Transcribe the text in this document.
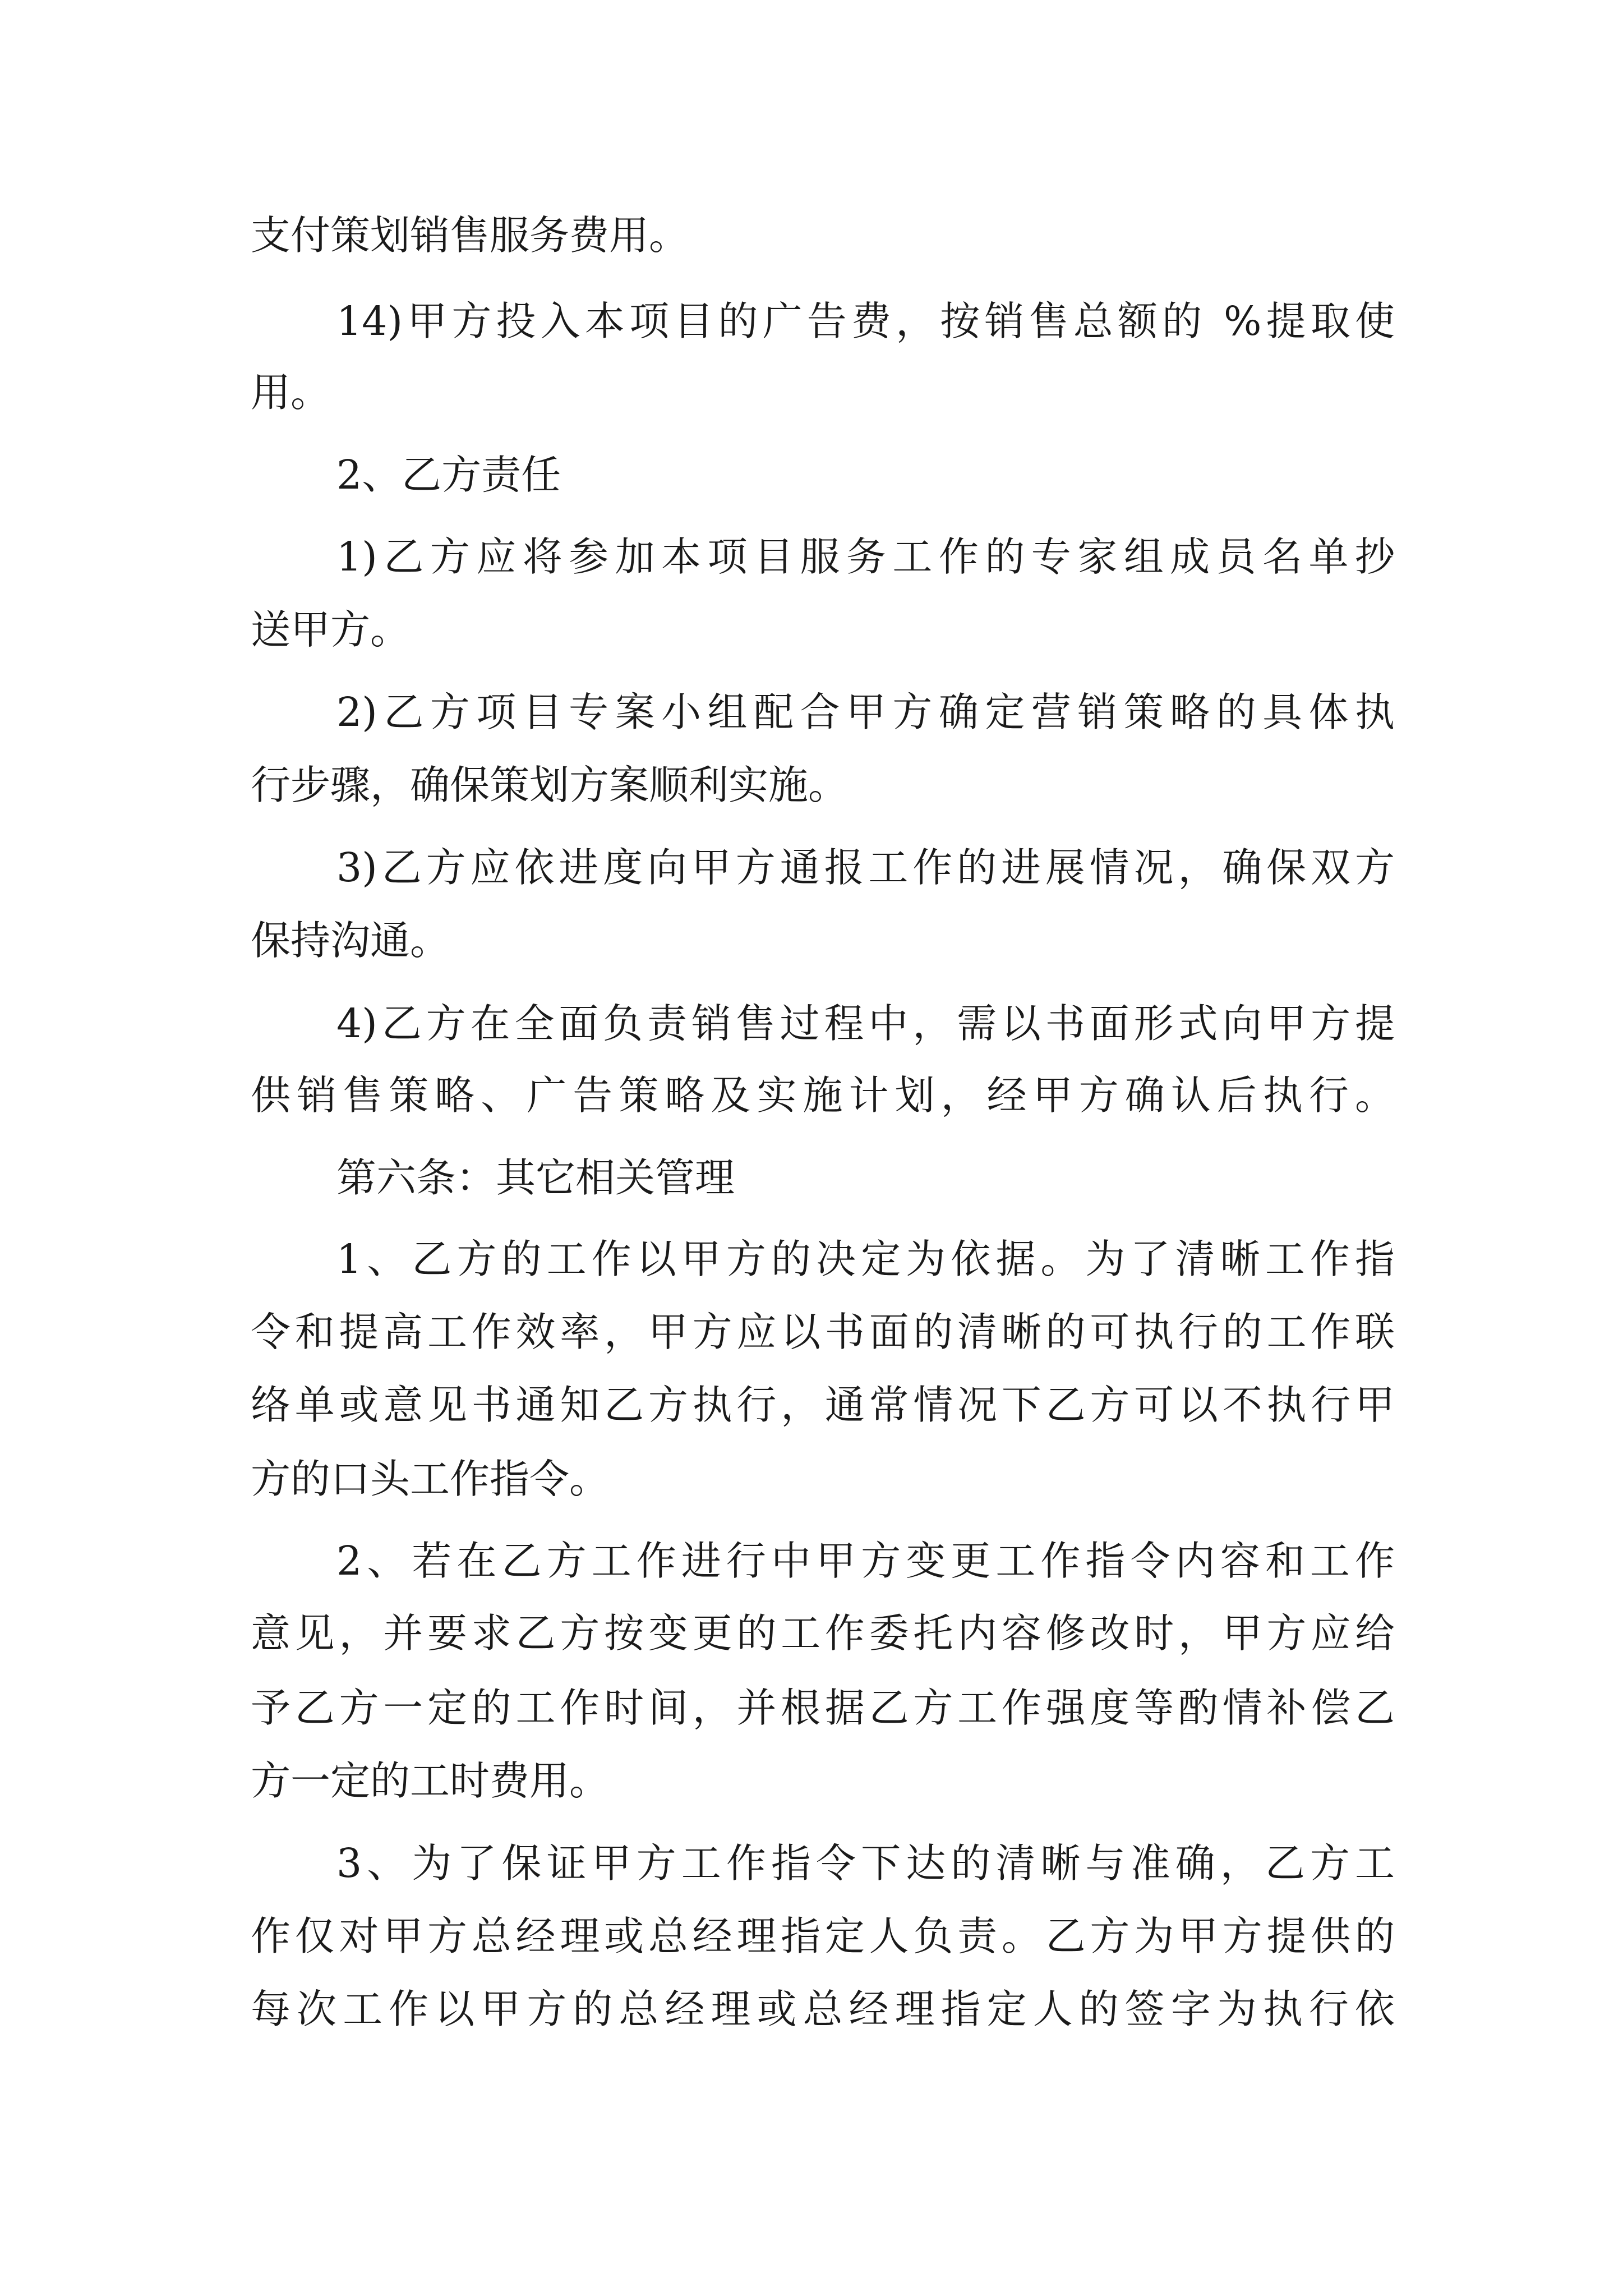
支付策划销售服务费用。
14)甲方投入本项目的广告费，按销售总额的 %提取使
用。
2、乙方责任
1)乙方应将参加本项目服务工作的专家组成员名单抄
送甲方。
2)乙方项目专案小组配合甲方确定营销策略的具体执
行步骤，确保策划方案顺利实施。
3)乙方应依进度向甲方通报工作的进展情况，确保双方
保持沟通。
4)乙方在全面负责销售过程中，需以书面形式向甲方提
供销售策略、广告策略及实施计划，经甲方确认后执行。
第六条：其它相关管理
1、乙方的工作以甲方的决定为依据。为了清晰工作指
令和提高工作效率，甲方应以书面的清晰的可执行的工作联
络单或意见书通知乙方执行，通常情况下乙方可以不执行甲
方的口头工作指令。
2、若在乙方工作进行中甲方变更工作指令内容和工作
意见，并要求乙方按变更的工作委托内容修改时，甲方应给
予乙方一定的工作时间，并根据乙方工作强度等酌情补偿乙
方一定的工时费用。
3、为了保证甲方工作指令下达的清晰与准确，乙方工
作仅对甲方总经理或总经理指定人负责。乙方为甲方提供的
每次工作以甲方的总经理或总经理指定人的签字为执行依
